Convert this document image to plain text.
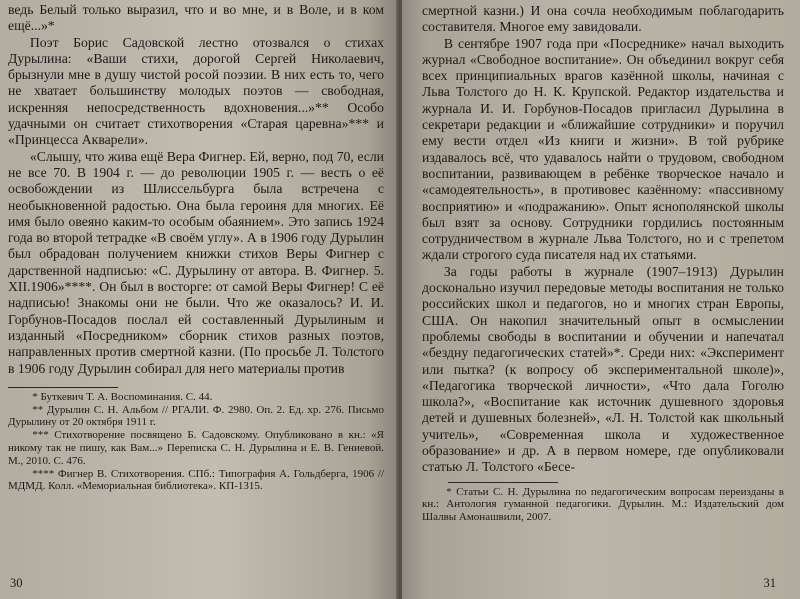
ведь Белый только выразил, что и во мне, и в Воле, и в ком ещё...»*

Поэт Борис Садовской лестно отозвался о стихах Дурылина: «Ваши стихи, дорогой Сергей Николаевич, брызнули мне в душу чистой росой поэзии. В них есть то, чего не хватает большинству молодых поэтов — свободная, искренняя непосредственность вдохновения...»** Особо удачными он считает стихотворения «Старая царевна»*** и «Принцесса Акварели».

«Слышу, что жива ещё Вера Фигнер. Ей, верно, под 70, если не все 70. В 1904 г. — до революции 1905 г. — весть о её освобождении из Шлиссельбурга была встречена с необыкновенной радостью. Она была героиня для многих. Её имя было овеяно каким-то особым обаянием». Это запись 1924 года во второй тетрадке «В своём углу». А в 1906 году Дурылин был обрадован получением книжки стихов Веры Фигнер с дарственной надписью: «С. Дурылину от автора. В. Фигнер. 5. XII.1906»****. Он был в восторге: от самой Веры Фигнер! С её надписью! Знакомы они не были. Что же оказалось? И. И. Горбунов-Посадов послал ей составленный Дурылиным и изданный «Посредником» сборник стихов разных поэтов, направленных против смертной казни. (По просьбе Л. Толстого в 1906 году Дурылин собирал для него материалы против

* Буткевич Т. А. Воспоминания. С. 44.

** Дурылин С. Н. Альбом // РГАЛИ. Ф. 2980. Оп. 2. Ед. хр. 276. Письмо Дурылину от 20 октября 1911 г.

*** Стихотворение посвящено Б. Садовскому. Опубликовано в кн.: «Я никому так не пишу, как Вам...» Переписка С. Н. Дурылина и Е. В. Гениевой. М., 2010. С. 476.

**** Фигнер В. Стихотворения. СПб.: Типография А. Гольдберга, 1906 // МДМД. Колл. «Мемориальная библиотека». КП-1315.

30

смертной казни.) И она сочла необходимым поблагодарить составителя. Многое ему завидовали.

В сентябре 1907 года при «Посреднике» начал выходить журнал «Свободное воспитание». Он объединил вокруг себя всех принципиальных врагов казённой школы, начиная с Льва Толстого до Н. К. Крупской. Редактор издательства и журнала И. И. Горбунов-Посадов пригласил Дурылина в секретари редакции и «ближайшие сотрудники» и поручил ему вести отдел «Из книги и жизни». В той рубрике издавалось всё, что удавалось найти о трудовом, свободном воспитании, развивающем в ребёнке творческое начало и «самодеятельность», в противовес казённому: «пассивному восприятию» и «подражанию». Опыт яснополянской школы был взят за основу. Сотрудники гордились постоянным сотрудничеством в журнале Льва Толстого, но и с трепетом ждали строгого суда писателя над их статьями.

За годы работы в журнале (1907–1913) Дурылин досконально изучил передовые методы воспитания не только российских школ и педагогов, но и многих стран Европы, США. Он накопил значительный опыт в осмыслении проблемы свободы в воспитании и обучении и напечатал «бездну педагогических статей»*. Среди них: «Эксперимент или пытка? (к вопросу об экспериментальной школе)», «Педагогика творческой личности», «Что дала Гоголю школа?», «Воспитание как источник душевного здоровья детей и душевных болезней», «Л. Н. Толстой как школьный учитель», «Современная школа и художественное образование» и др. А в первом номере, где опубликовали статью Л. Толстого «Бесе-

* Статьи С. Н. Дурылина по педагогическим вопросам переизданы в кн.: Антология гуманной педагогики. Дурылин. М.: Издательский дом Шалвы Амонашвили, 2007.

31
